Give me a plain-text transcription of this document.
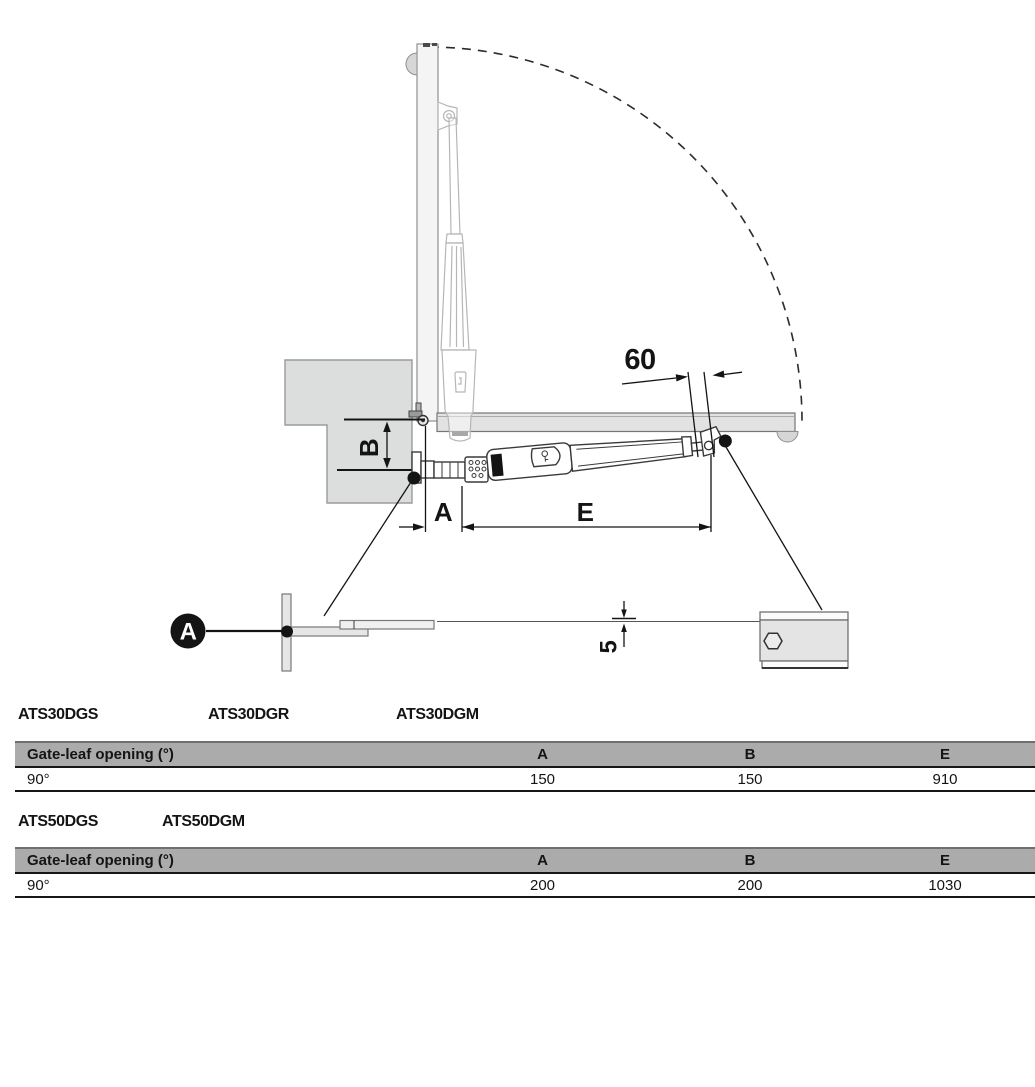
B
60
A	E
A
5
ATS30DGS	ATS30DGR	ATS30DGM
Gate-leaf opening (°)	A	B	E
90°	150	150	910
ATS50DGS	ATS50DGM
Gate-leaf opening (°)	A	B	E
90°	200	200	1030
